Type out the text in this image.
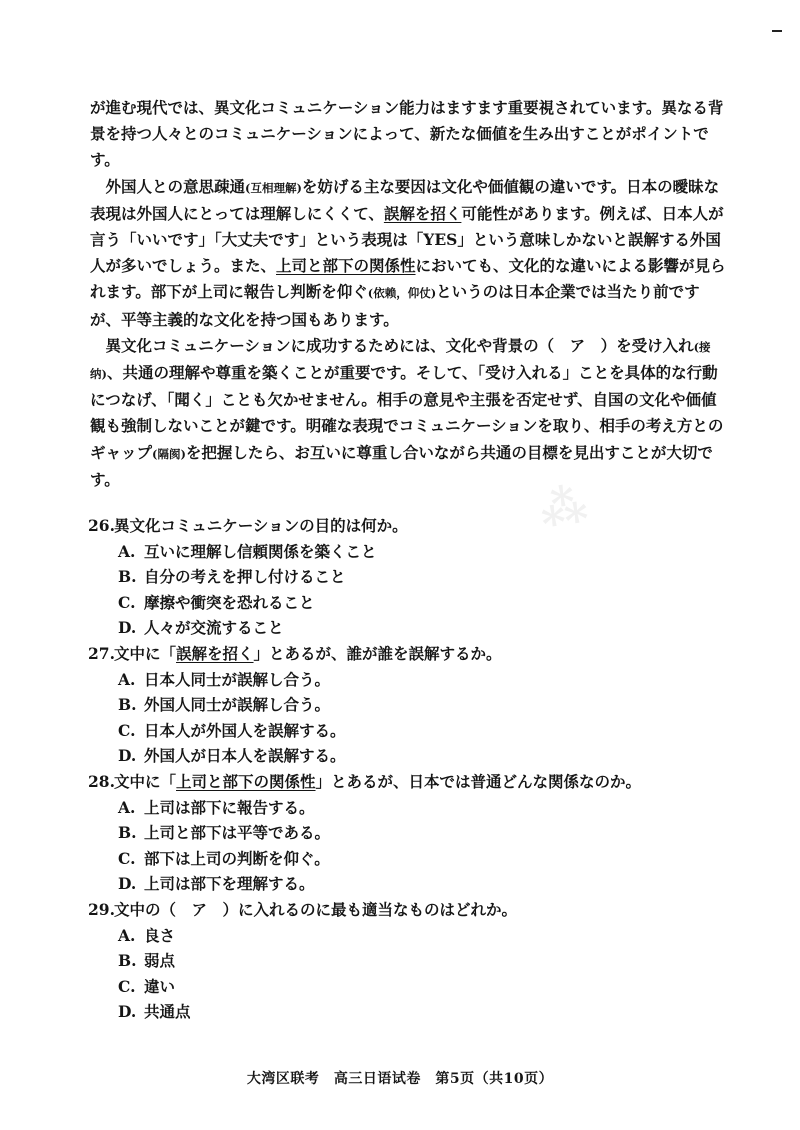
⁂

が進む現代では、異文化コミュニケーション能力はますます重要視されています。異なる背景を持つ人々とのコミュニケーションによって、新たな価値を生み出すことがポイントです。

外国人との意思疎通(互相理解)を妨げる主な要因は文化や価値観の違いです。日本の曖昧な表現は外国人にとっては理解しにくくて、誤解を招く可能性があります。例えば、日本人が言う「いいです」「大丈夫です」という表現は「YES」という意味しかないと誤解する外国人が多いでしょう。また、上司と部下の関係性においても、文化的な違いによる影響が見られます。部下が上司に報告し判断を仰ぐ(依赖，仰仗)というのは日本企業では当たり前ですが、平等主義的な文化を持つ国もあります。

異文化コミュニケーションに成功するためには、文化や背景の（　ア　）を受け入れ(接纳)、共通の理解や尊重を築くことが重要です。そして、「受け入れる」ことを具体的な行動につなげ、「聞く」ことも欠かせません。相手の意見や主張を否定せず、自国の文化や価値観も強制しないことが鍵です。明確な表現でコミュニケーションを取り、相手の考え方とのギャップ(隔阂)を把握したら、お互いに尊重し合いながら共通の目標を見出すことが大切です。

26.異文化コミュニケーションの目的は何か。

A. 互いに理解し信頼関係を築くこと

B. 自分の考えを押し付けること

C. 摩擦や衝突を恐れること

D. 人々が交流すること

27.文中に「誤解を招く」とあるが、誰が誰を誤解するか。

A. 日本人同士が誤解し合う。

B. 外国人同士が誤解し合う。

C. 日本人が外国人を誤解する。

D. 外国人が日本人を誤解する。

28.文中に「上司と部下の関係性」とあるが、日本では普通どんな関係なのか。

A. 上司は部下に報告する。

B. 上司と部下は平等である。

C. 部下は上司の判断を仰ぐ。

D. 上司は部下を理解する。

29.文中の（　ア　）に入れるのに最も適当なものはどれか。

A. 良さ

B. 弱点

C. 違い

D. 共通点

大湾区联考　高三日语试卷　第5页（共10页）
